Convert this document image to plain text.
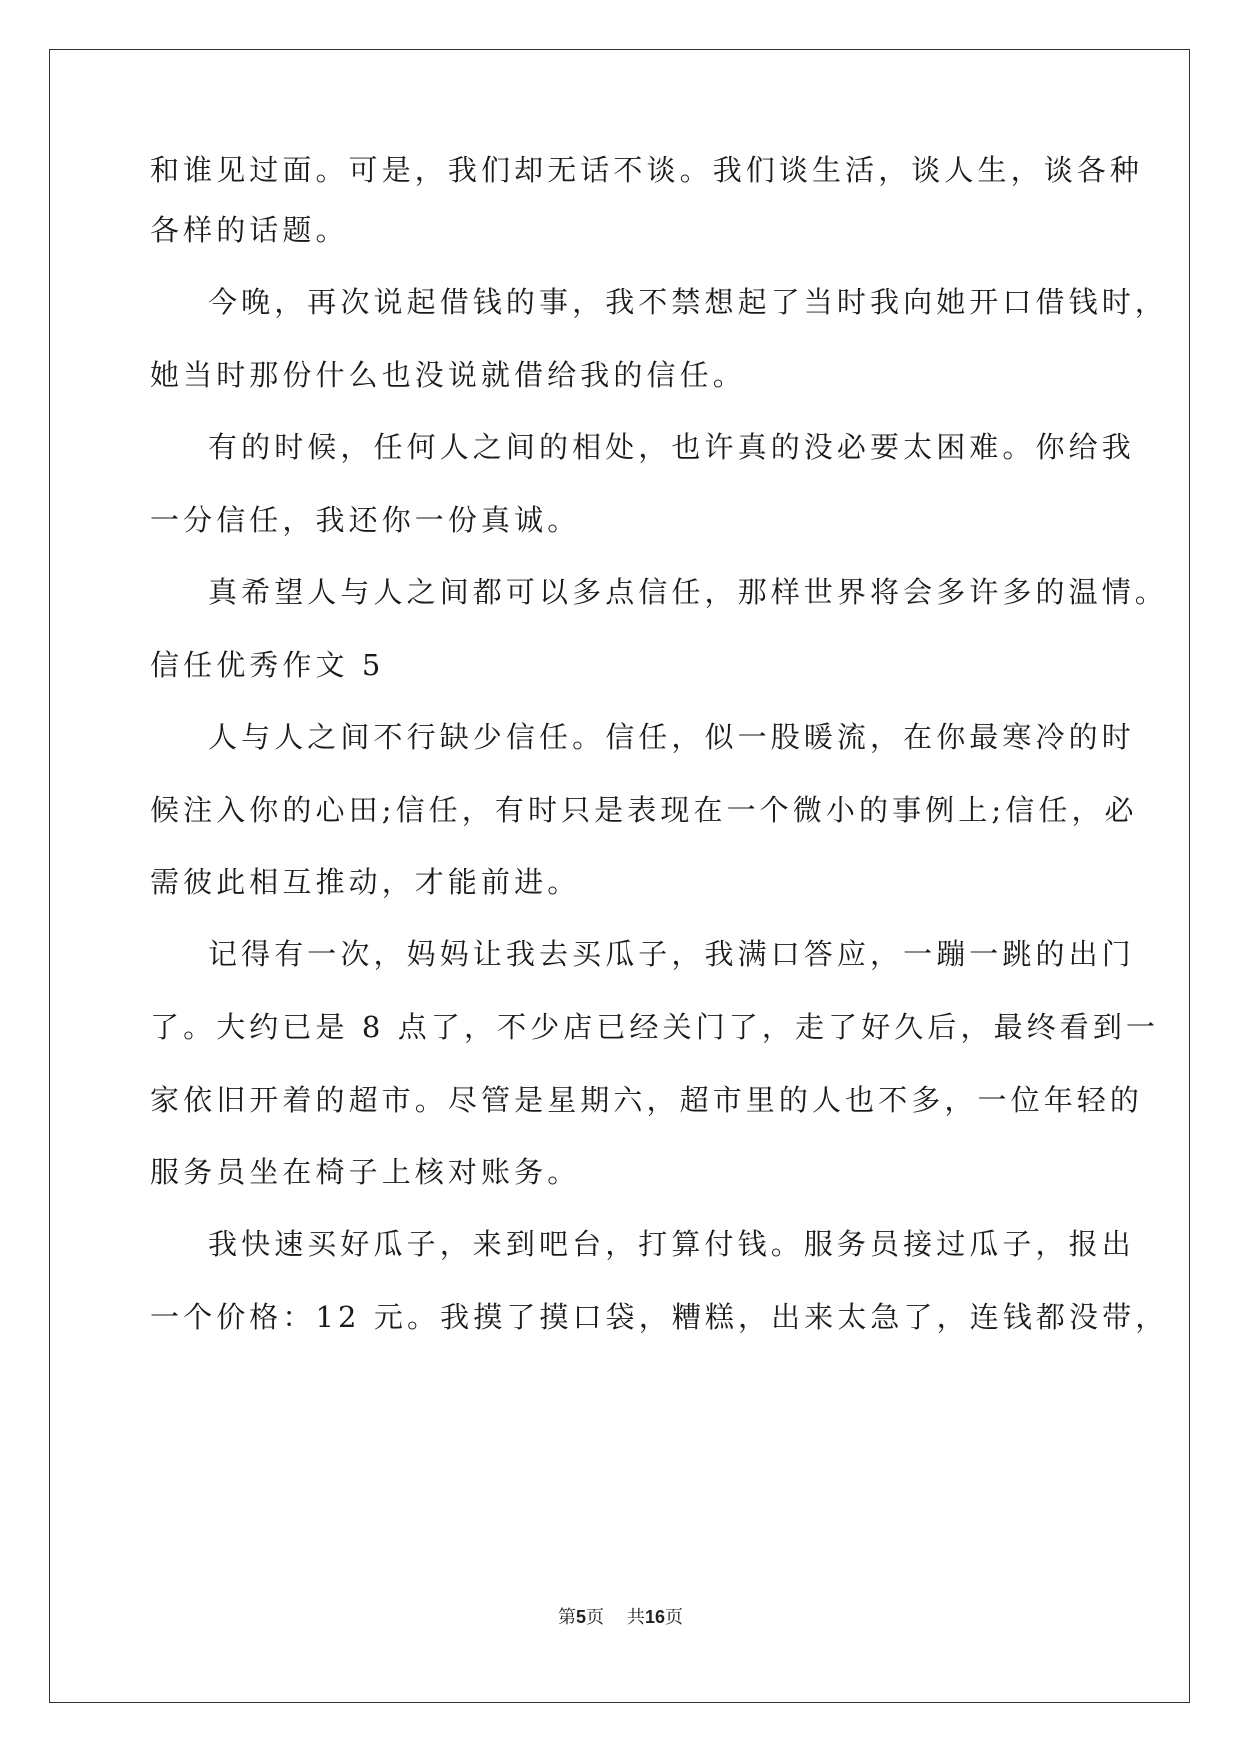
和谁见过面。可是，我们却无话不谈。我们谈生活，谈人生，谈各种
各样的话题。
今晚，再次说起借钱的事，我不禁想起了当时我向她开口借钱时，
她当时那份什么也没说就借给我的信任。
有的时候，任何人之间的相处，也许真的没必要太困难。你给我
一分信任，我还你一份真诚。
真希望人与人之间都可以多点信任，那样世界将会多许多的温情。
信任优秀作文 5
人与人之间不行缺少信任。信任，似一股暖流，在你最寒冷的时
候注入你的心田;信任，有时只是表现在一个微小的事例上;信任，必
需彼此相互推动，才能前进。
记得有一次，妈妈让我去买瓜子，我满口答应，一蹦一跳的出门
了。大约已是 8 点了，不少店已经关门了，走了好久后，最终看到一
家依旧开着的超市。尽管是星期六，超市里的人也不多，一位年轻的
服务员坐在椅子上核对账务。
我快速买好瓜子，来到吧台，打算付钱。服务员接过瓜子，报出
一个价格：12 元。我摸了摸口袋，糟糕，出来太急了，连钱都没带，
第5页    共16页
